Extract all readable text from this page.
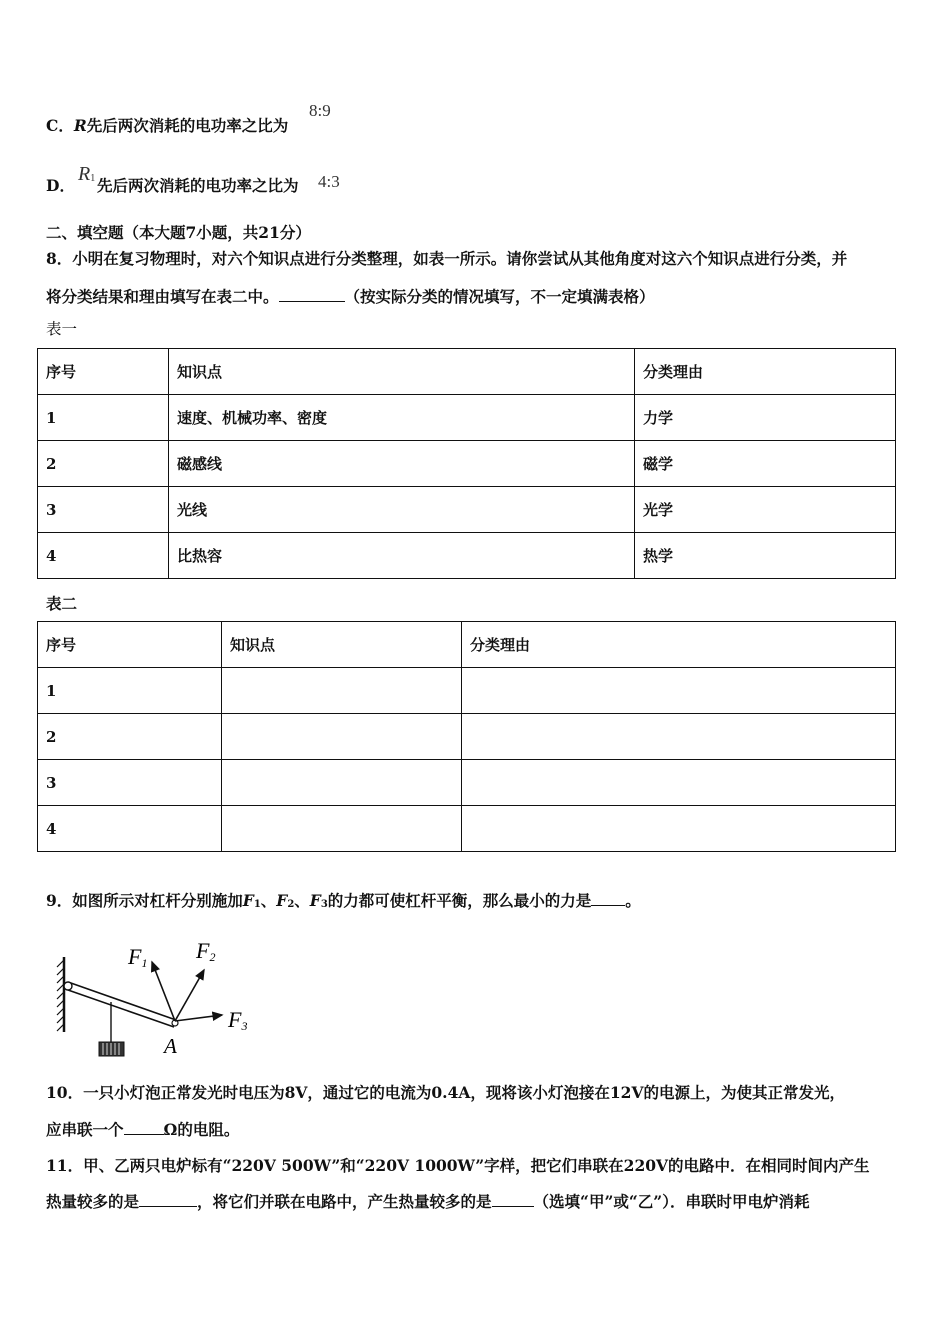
C．R先后两次消耗的电功率之比为
8:9
D．
R1 先后两次消耗的电功率之比为 4:3
二、填空题（本大题7小题，共21分）
8．小明在复习物理时，对六个知识点进行分类整理，如表一所示。请你尝试从其他角度对这六个知识点进行分类，并
将分类结果和理由填写在表二中。	（按实际分类的情况填写，不一定填满表格）
表一
序号	知识点	分类理由
1	速度、机械功率、密度	力学
2	磁感线	磁学
3	光线	光学
4	比热容	热学
表二
序号	知识点	分类理由
1		
2		
3		
4		
9．如图所示对杠杆分别施加F1、F2、F3的力都可使杠杆平衡，那么最小的力是 。
F1 F2
F3
A
10．一只小灯泡正常发光时电压为8V，通过它的电流为0.4A，现将该小灯泡接在12V的电源上，为使其正常发光，
应串联一个	Ω的电阻。
11．甲、乙两只电炉标有“220V 500W”和“220V 1000W”字样，把它们串联在220V的电路中．在相同时间内产生
热量较多的是	，将它们并联在电路中，产生热量较多的是	（选填“甲”或“乙”）．串联时甲电炉消耗
